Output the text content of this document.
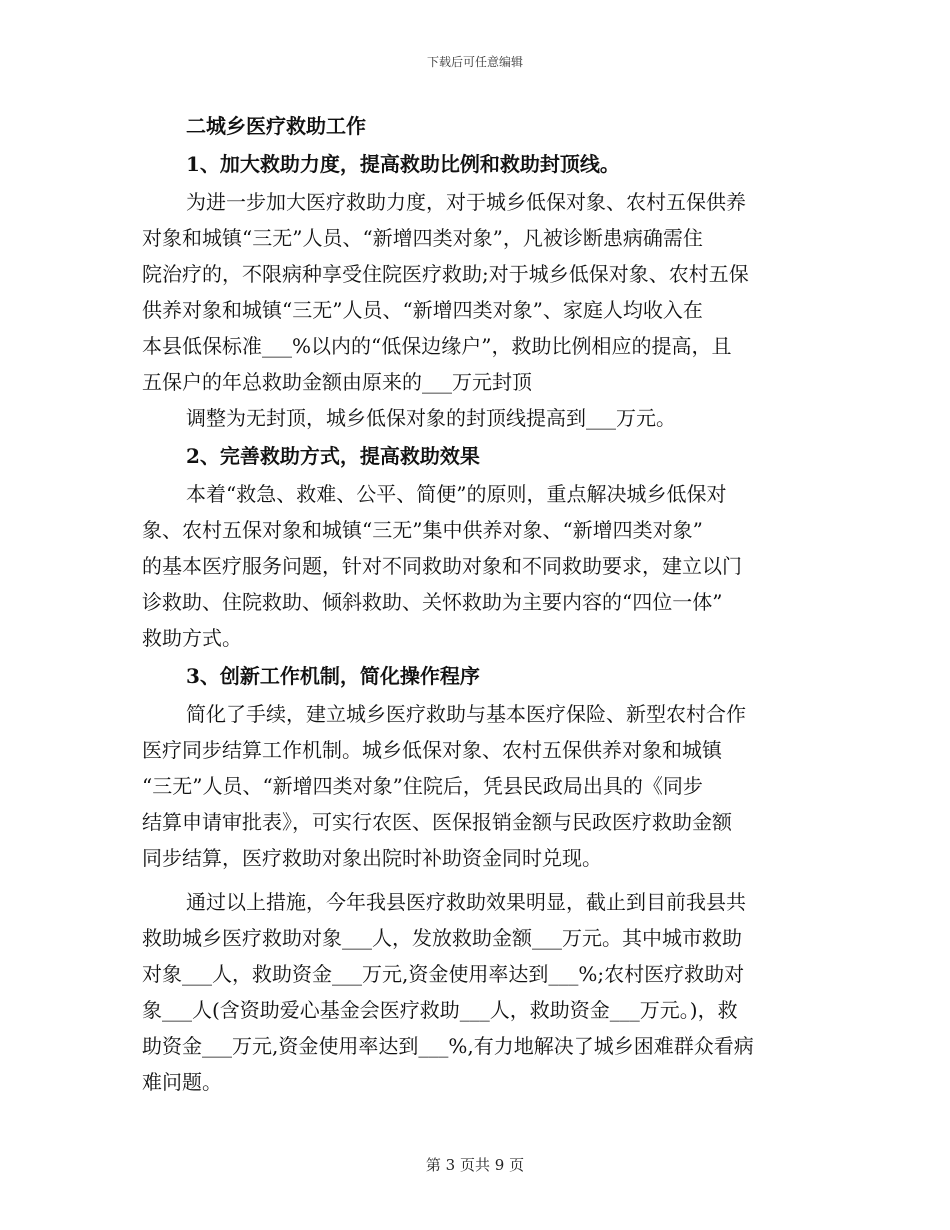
下载后可任意编辑
二城乡医疗救助工作
1、加大救助力度，提高救助比例和救助封顶线。
为进一步加大医疗救助力度，对于城乡低保对象、农村五保供养
对象和城镇“三无”人员、“新增四类对象”，凡被诊断患病确需住
院治疗的，不限病种享受住院医疗救助;对于城乡低保对象、农村五保
供养对象和城镇“三无”人员、“新增四类对象”、家庭人均收入在
本县低保标准___%以内的“低保边缘户”，救助比例相应的提高，且
五保户的年总救助金额由原来的___万元封顶
调整为无封顶，城乡低保对象的封顶线提高到___万元。
2、完善救助方式，提高救助效果
本着“救急、救难、公平、简便”的原则，重点解决城乡低保对
象、农村五保对象和城镇“三无”集中供养对象、“新增四类对象”
的基本医疗服务问题，针对不同救助对象和不同救助要求，建立以门
诊救助、住院救助、倾斜救助、关怀救助为主要内容的“四位一体”
救助方式。
3、创新工作机制，简化操作程序
简化了手续，建立城乡医疗救助与基本医疗保险、新型农村合作
医疗同步结算工作机制。城乡低保对象、农村五保供养对象和城镇
“三无”人员、“新增四类对象”住院后，凭县民政局出具的《同步
结算申请审批表》，可实行农医、医保报销金额与民政医疗救助金额
同步结算，医疗救助对象出院时补助资金同时兑现。
通过以上措施，今年我县医疗救助效果明显，截止到目前我县共
救助城乡医疗救助对象___人，发放救助金额___万元。其中城市救助
对象___人，救助资金___万元,资金使用率达到___%;农村医疗救助对
象___人(含资助爱心基金会医疗救助___人，救助资金___万元。)，救
助资金___万元,资金使用率达到___%,有力地解决了城乡困难群众看病
难问题。
第 3 页共 9 页
